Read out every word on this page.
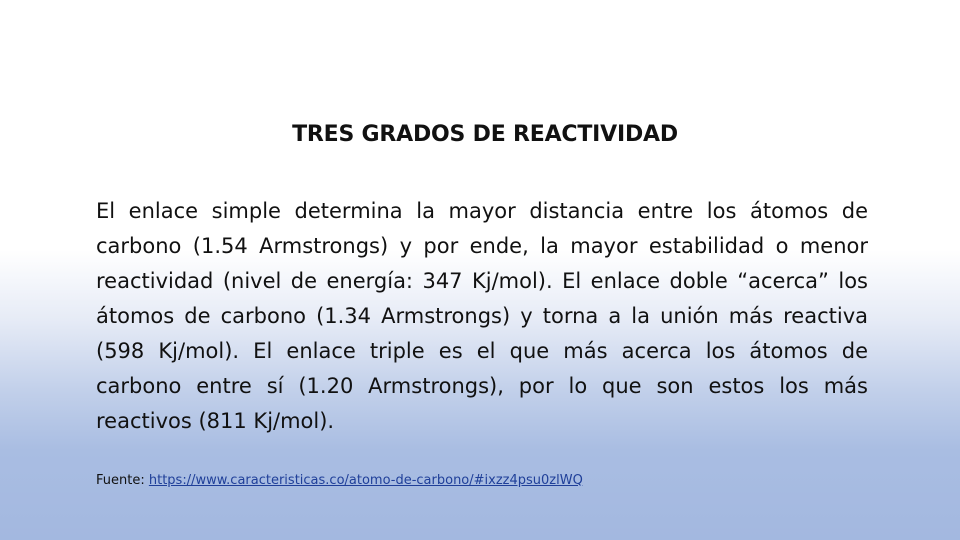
TRES GRADOS DE REACTIVIDAD

El enlace simple determina la mayor distancia entre los átomos de carbono (1.54 Armstrongs) y por ende, la mayor estabilidad o menor reactividad (nivel de energía: 347 Kj/mol). El enlace doble “acerca” los átomos de carbono (1.34 Armstrongs) y torna a la unión más reactiva (598 Kj/mol). El enlace triple es el que más acerca los átomos de carbono entre sí (1.20 Armstrongs), por lo que son estos los más reactivos (811 Kj/mol).

Fuente: https://www.caracteristicas.co/atomo-de-carbono/#ixzz4psu0zlWQ
